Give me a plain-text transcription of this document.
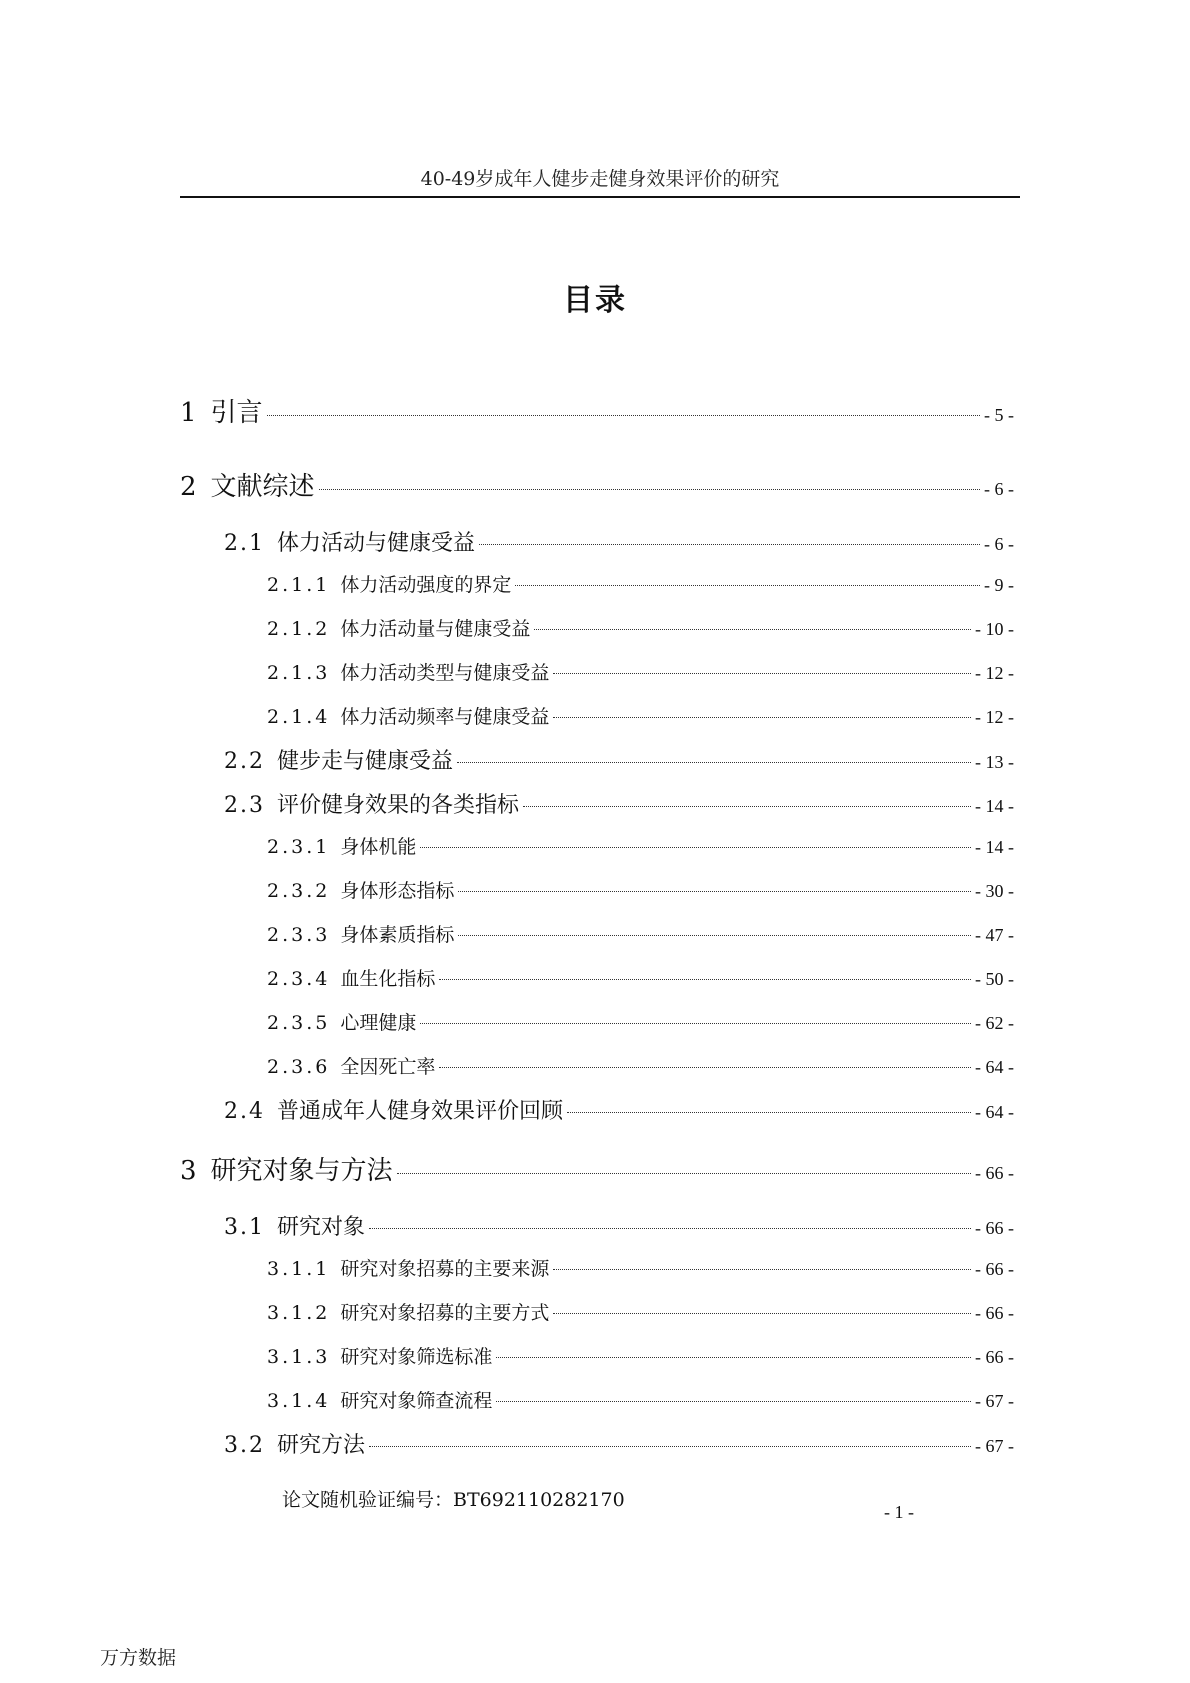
40-49岁成年人健步走健身效果评价的研究
目录
1 引言	- 5 -
2 文献综述	- 6 -
2.1 体力活动与健康受益	- 6 -
2.1.1 体力活动强度的界定	- 9 -
2.1.2 体力活动量与健康受益	- 10 -
2.1.3 体力活动类型与健康受益	- 12 -
2.1.4 体力活动频率与健康受益	- 12 -
2.2 健步走与健康受益	- 13 -
2.3 评价健身效果的各类指标	- 14 -
2.3.1 身体机能	- 14 -
2.3.2 身体形态指标	- 30 -
2.3.3 身体素质指标	- 47 -
2.3.4 血生化指标	- 50 -
2.3.5 心理健康	- 62 -
2.3.6 全因死亡率	- 64 -
2.4 普通成年人健身效果评价回顾	- 64 -
3 研究对象与方法	- 66 -
3.1 研究对象	- 66 -
3.1.1 研究对象招募的主要来源	- 66 -
3.1.2 研究对象招募的主要方式	- 66 -
3.1.3 研究对象筛选标准	- 66 -
3.1.4 研究对象筛查流程	- 67 -
3.2 研究方法	- 67 -
论文随机验证编号：BT692110282170
- 1 -
万方数据
